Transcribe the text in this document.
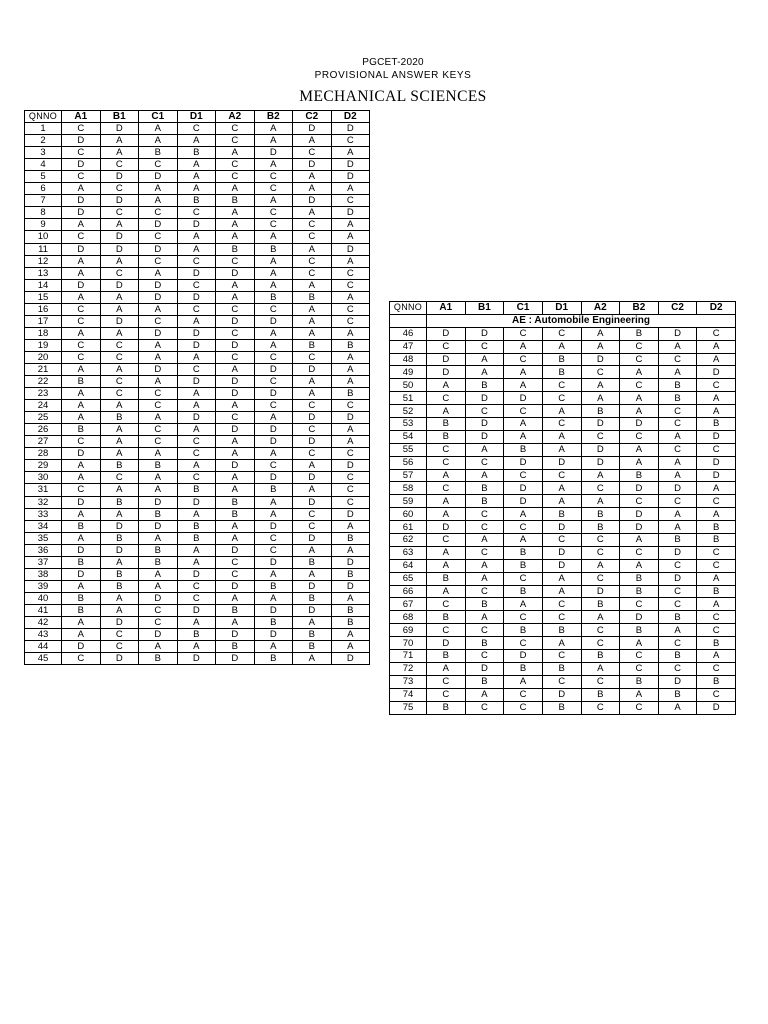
PGCET-2020
PROVISIONAL ANSWER KEYS
MECHANICAL SCIENCES
QNNO	A1	B1	C1	D1	A2	B2	C2	D2
1	C	D	A	C	C	A	D	D
2	D	A	A	A	C	A	A	C
3	C	A	B	B	A	D	C	A
4	D	C	C	A	C	A	D	D
5	C	D	D	A	C	C	A	D
6	A	C	A	A	A	C	A	A
7	D	D	A	B	B	A	D	C
8	D	C	C	C	A	C	A	D
9	A	A	D	D	A	C	C	A
10	C	D	C	A	A	A	C	A
11	D	D	D	A	B	B	A	D
12	A	A	C	C	C	A	C	A
13	A	C	A	D	D	A	C	C
14	D	D	D	C	A	A	A	C
15	A	A	D	D	A	B	B	A
16	C	A	A	C	C	C	A	C
17	C	D	C	A	D	D	A	C
18	A	A	D	D	C	A	A	A
19	C	C	A	D	D	A	B	B
20	C	C	A	A	C	C	C	A
21	A	A	D	C	A	D	D	A
22	B	C	A	D	D	C	A	A
23	A	C	C	A	D	D	A	B
24	A	A	C	A	A	C	C	C
25	A	B	A	D	C	A	D	D
26	B	A	C	A	D	D	C	A
27	C	A	C	C	A	D	D	A
28	D	A	A	C	A	A	C	C
29	A	B	B	A	D	C	A	D
30	A	C	A	C	A	D	D	C
31	C	A	A	B	A	B	A	C
32	D	B	D	D	B	A	D	C
33	A	A	B	A	B	A	C	D
34	B	D	D	B	A	D	C	A
35	A	B	A	B	A	C	D	B
36	D	D	B	A	D	C	A	A
37	B	A	B	A	C	D	B	D
38	D	B	A	D	C	A	A	B
39	A	B	A	C	D	B	D	D
40	B	A	D	C	A	A	B	A
41	B	A	C	D	B	D	D	B
42	A	D	C	A	A	B	A	B
43	A	C	D	B	D	D	B	A
44	D	C	A	A	B	A	B	A
45	C	D	B	D	D	B	A	D
QNNO	A1	B1	C1	D1	A2	B2	C2	D2
	AE : Automobile Engineering							
46	D	D	C	C	A	B	D	C
47	C	C	A	A	A	C	A	A
48	D	A	C	B	D	C	C	A
49	D	A	A	B	C	A	A	D
50	A	B	A	C	A	C	B	C
51	C	D	D	C	A	A	B	A
52	A	C	C	A	B	A	C	A
53	B	D	A	C	D	D	C	B
54	B	D	A	A	C	C	A	D
55	C	A	B	A	D	A	C	C
56	C	C	D	D	D	A	A	D
57	A	A	C	C	A	B	A	D
58	C	B	D	A	C	D	D	A
59	A	B	D	A	A	C	C	C
60	A	C	A	B	B	D	A	A
61	D	C	C	D	B	D	A	B
62	C	A	A	C	C	A	B	B
63	A	C	B	D	C	C	D	C
64	A	A	B	D	A	A	C	C
65	B	A	C	A	C	B	D	A
66	A	C	B	A	D	B	C	B
67	C	B	A	C	B	C	C	A
68	B	A	C	C	A	D	B	C
69	C	C	B	B	C	B	A	C
70	D	B	C	A	C	A	C	B
71	B	C	D	C	B	C	B	A
72	A	D	B	B	A	C	C	C
73	C	B	A	C	C	B	D	B
74	C	A	C	D	B	A	B	C
75	B	C	C	B	C	C	A	D
